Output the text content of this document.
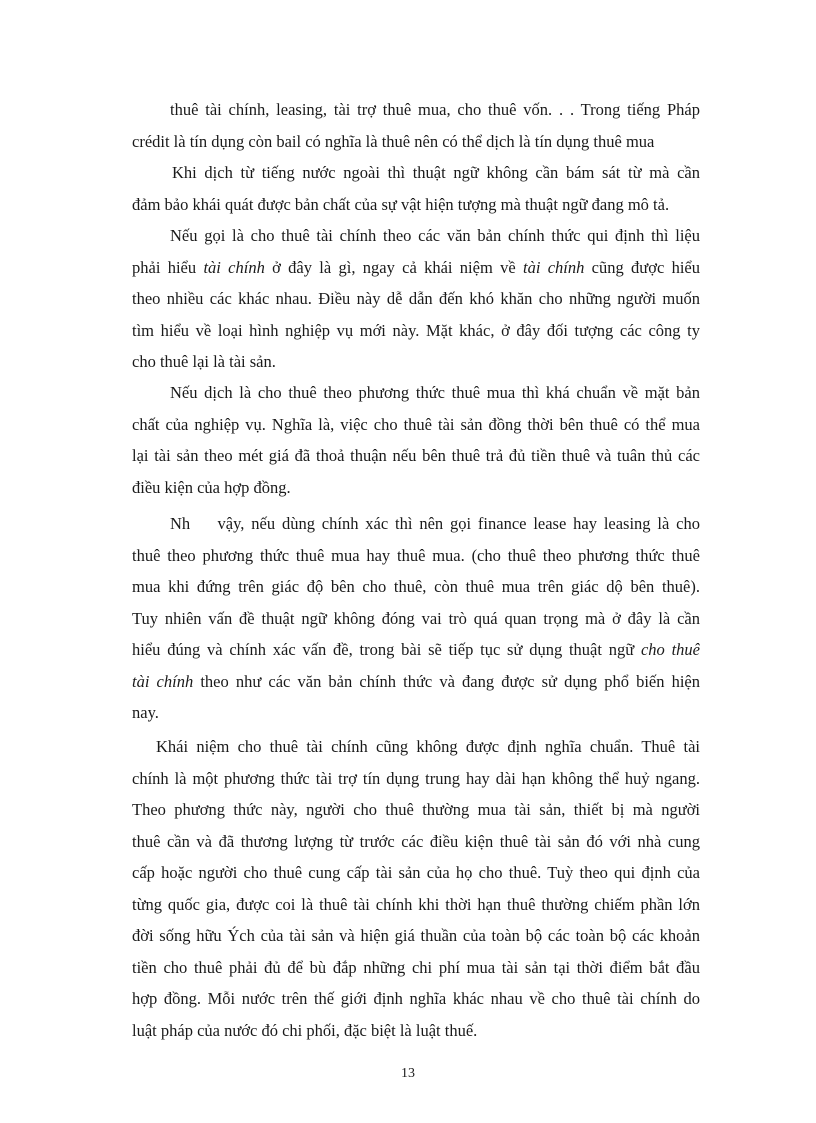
thuê tài chính, leasing, tài trợ thuê mua, cho thuê vốn. . . Trong tiếng Pháp
crédit là tín dụng còn bail có nghĩa là thuê nên có thể dịch là tín dụng thuê mua

Khi dịch từ tiếng nước ngoài thì thuật ngữ không cần bám sát từ mà cần
đảm bảo khái quát được bản chất của sự vật hiện tượng mà thuật ngữ đang mô tả.

Nếu gọi là cho thuê tài chính theo các văn bản chính thức qui định thì liệu
phải hiểu tài chính ở đây là gì, ngay cả khái niệm về tài chính cũng được hiểu
theo nhiều các khác nhau. Điều này dễ dẫn đến khó khăn cho những người muốn
tìm hiểu về loại hình nghiệp vụ mới này. Mặt khác, ở đây đối tượng các công ty
cho thuê lại là tài sản.

Nếu dịch là cho thuê theo phương thức thuê mua thì khá chuẩn về mặt bản
chất của nghiệp vụ. Nghĩa là, việc cho thuê tài sản đồng thời bên thuê có thể mua
lại tài sản theo mét giá đã thoả thuận nếu bên thuê trả đủ tiền thuê và tuân thủ các
điều kiện của hợp đồng.

Nh    vậy, nếu dùng chính xác thì nên gọi finance lease hay leasing là cho
thuê theo phương thức thuê mua hay thuê mua. (cho thuê theo phương thức thuê
mua khi đứng trên giác độ bên cho thuê, còn thuê mua trên giác dộ bên thuê).
Tuy nhiên vấn đề thuật ngữ không đóng vai trò quá quan trọng mà ở đây là cần
hiểu đúng và chính xác vấn đề, trong bài sẽ tiếp tục sử dụng thuật ngữ cho thuê
tài chính theo như các văn bản chính thức và đang được sử dụng phổ biến hiện
nay.

Khái niệm cho thuê tài chính cũng không được định nghĩa chuẩn. Thuê tài
chính là một phương thức tài trợ tín dụng trung hay dài hạn không thể huỷ ngang.
Theo phương thức này, người cho thuê thường mua tài sản, thiết bị mà người
thuê cần và đã thương lượng từ trước các điều kiện thuê tài sản đó với nhà cung
cấp hoặc người cho thuê cung cấp tài sản của họ cho thuê. Tuỳ theo qui định của
từng quốc gia, được coi là thuê tài chính khi thời hạn thuê thường chiếm phần lớn
đời sống hữu Ých của tài sản và hiện giá thuần của toàn bộ các toàn bộ các khoản
tiền cho thuê phải đủ để bù đắp những chi phí mua tài sản tại thời điểm bắt đầu
hợp đồng. Mỗi nước trên thế giới định nghĩa khác nhau về cho thuê tài chính do
luật pháp của nước đó chi phối, đặc biệt là luật thuế.

13
